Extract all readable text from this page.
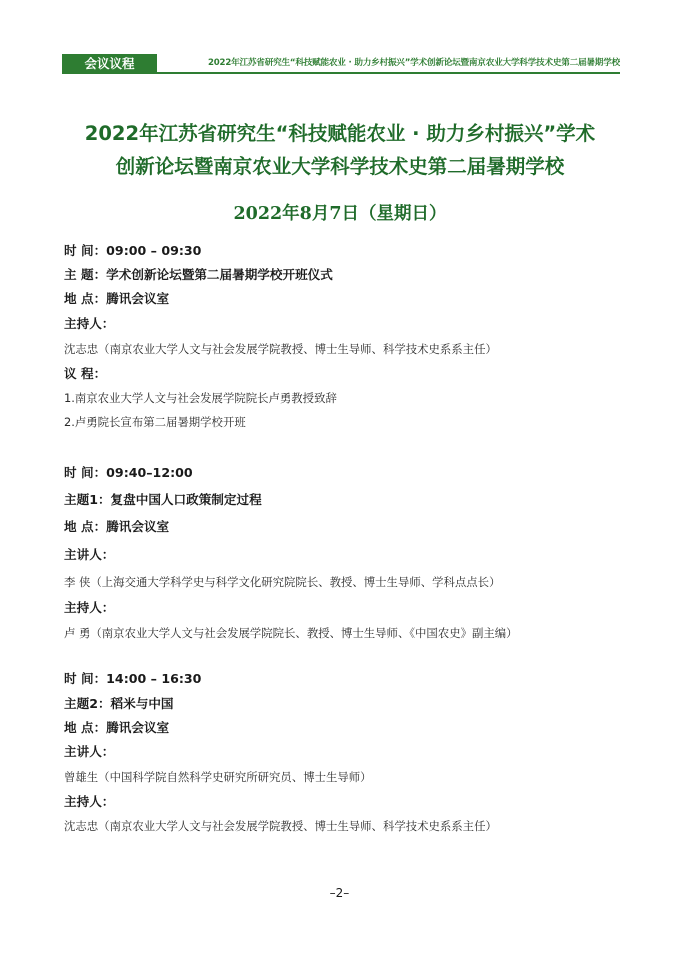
会议议程	2022年江苏省研究生“科技赋能农业 · 助力乡村振兴”学术创新论坛暨南京农业大学科学技术史第二届暑期学校
2022年江苏省研究生“科技赋能农业 · 助力乡村振兴”学术
创新论坛暨南京农业大学科学技术史第二届暑期学校
2022年8月7日（星期日）
时 间：09:00 – 09:30
主 题：学术创新论坛暨第二届暑期学校开班仪式
地 点：腾讯会议室
主持人：
沈志忠（南京农业大学人文与社会发展学院教授、博士生导师、科学技术史系系主任）
议 程：
1.南京农业大学人文与社会发展学院院长卢勇教授致辞
2.卢勇院长宣布第二届暑期学校开班
时 间：09:40–12:00
主题1：复盘中国人口政策制定过程
地 点：腾讯会议室
主讲人：
李 侠（上海交通大学科学史与科学文化研究院院长、教授、博士生导师、学科点点长）
主持人：
卢 勇（南京农业大学人文与社会发展学院院长、教授、博士生导师、《中国农史》副主编）
时 间：14:00 – 16:30
主题2：稻米与中国
地 点：腾讯会议室
主讲人：
曾雄生（中国科学院自然科学史研究所研究员、博士生导师）
主持人：
沈志忠（南京农业大学人文与社会发展学院教授、博士生导师、科学技术史系系主任）
–2–
